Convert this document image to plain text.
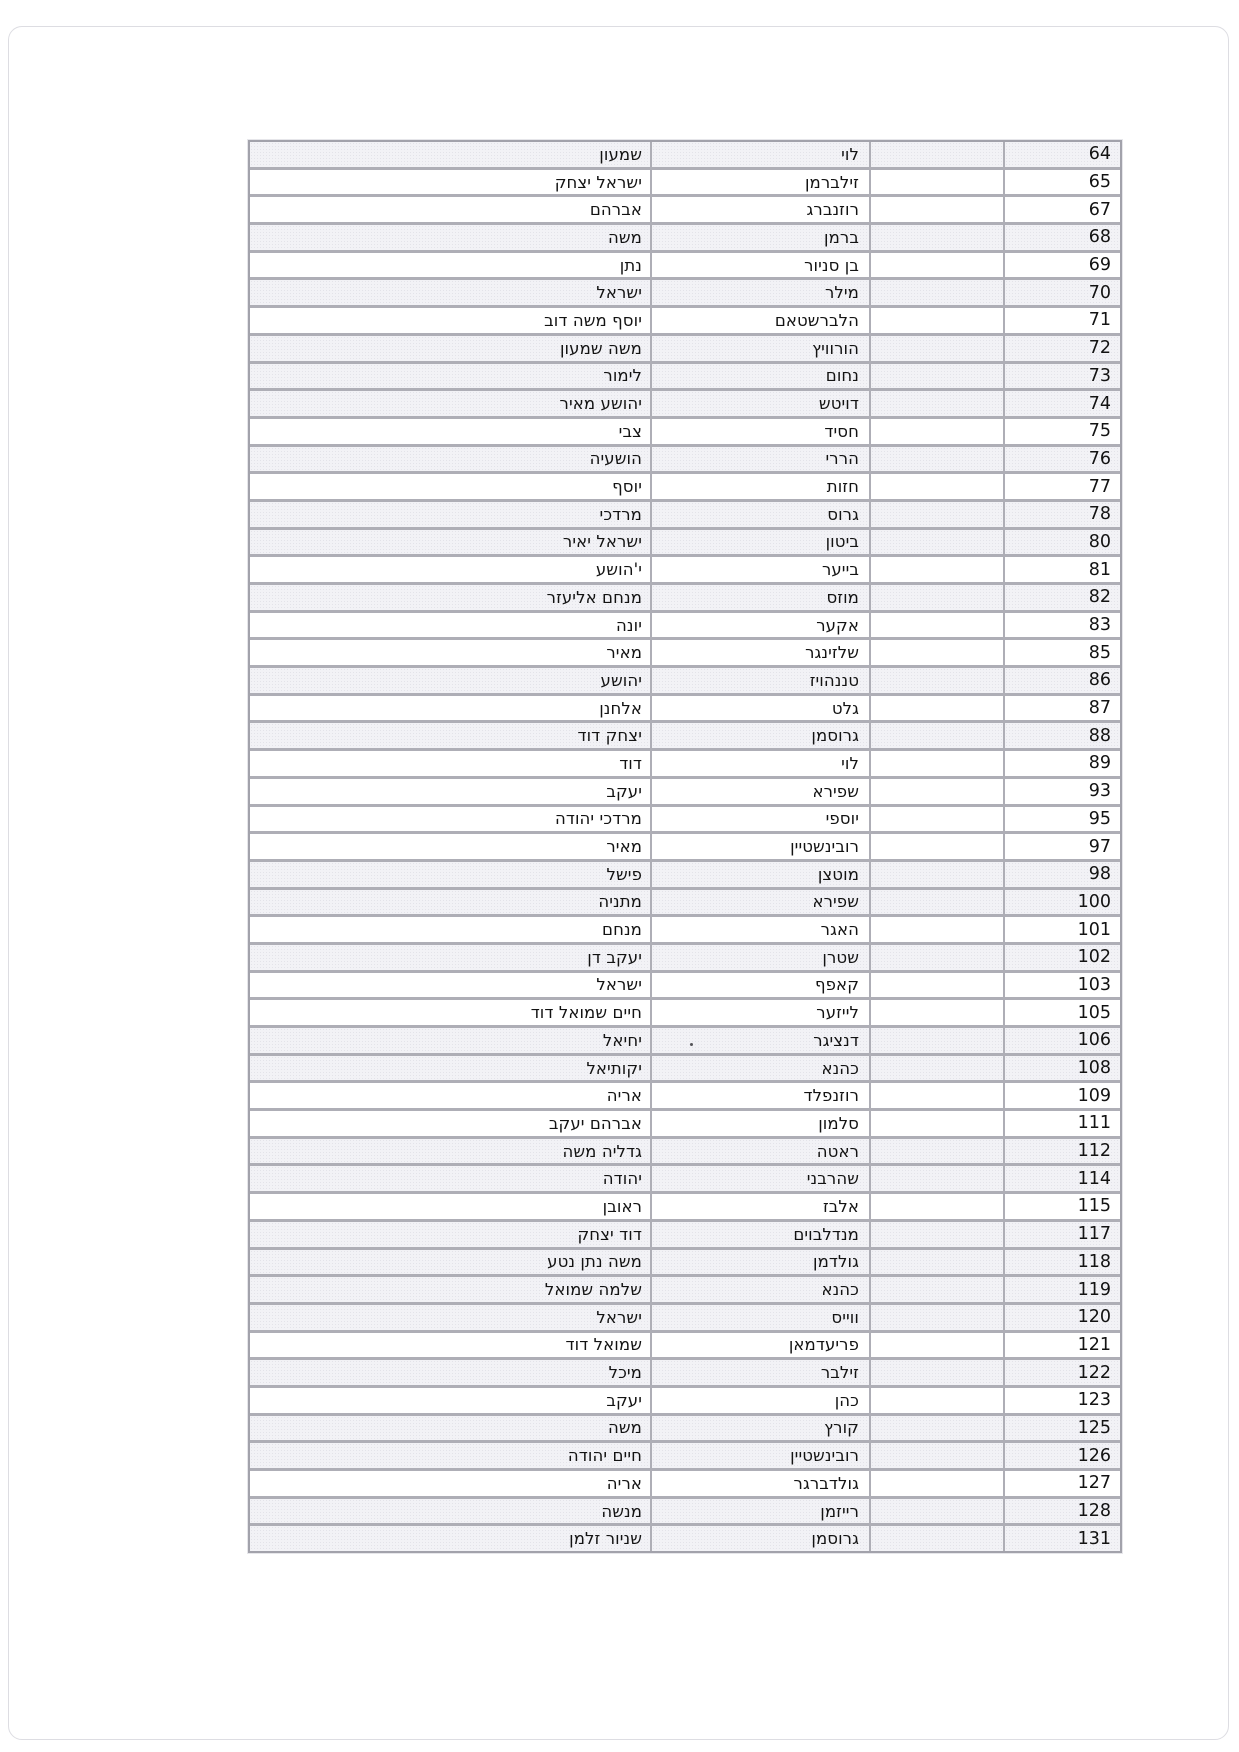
שמעון	לוי	64
ישראל יצחק	זילברמן	65
אברהם	רוזנברג	67
משה	ברמן	68
נתן	בן סניור	69
ישראל	מילר	70
יוסף משה דוב	הלברשטאם	71
משה שמעון	הורוויץ	72
לימור	נחום	73
יהושע מאיר	דויטש	74
צבי	חסיד	75
הושעיה	הררי	76
יוסף	חזות	77
מרדכי	גרוס	78
ישראל יאיר	ביטון	80
י'הושע	בייער	81
מנחם אליעזר	מוזס	82
יונה	אקער	83
מאיר	שלזינגר	85
יהושע	טננהויז	86
אלחנן	גלט	87
יצחק דוד	גרוסמן	88
דוד	לוי	89
יעקב	שפירא	93
מרדכי יהודה	יוספי	95
מאיר	רובינשטיין	97
פישל	מוטצן	98
מתניה	שפירא	100
מנחם	האגר	101
יעקב דן	שטרן	102
ישראל	קאפף	103
חיים שמואל דוד	לייזער	105
יחיאל	דנציגר	106
יקותיאל	כהנא	108
אריה	רוזנפלד	109
אברהם יעקב	סלמון	111
גדליה משה	ראטה	112
יהודה	שהרבני	114
ראובן	אלבז	115
דוד יצחק	מנדלבוים	117
משה נתן נטע	גולדמן	118
שלמה שמואל	כהנא	119
ישראל	ווייס	120
שמואל דוד	פריעדמאן	121
מיכל	זילבר	122
יעקב	כהן	123
משה	קורץ	125
חיים יהודה	רובינשטיין	126
אריה	גולדברגר	127
מנשה	רייזמן	128
שניור זלמן	גרוסמן	131
